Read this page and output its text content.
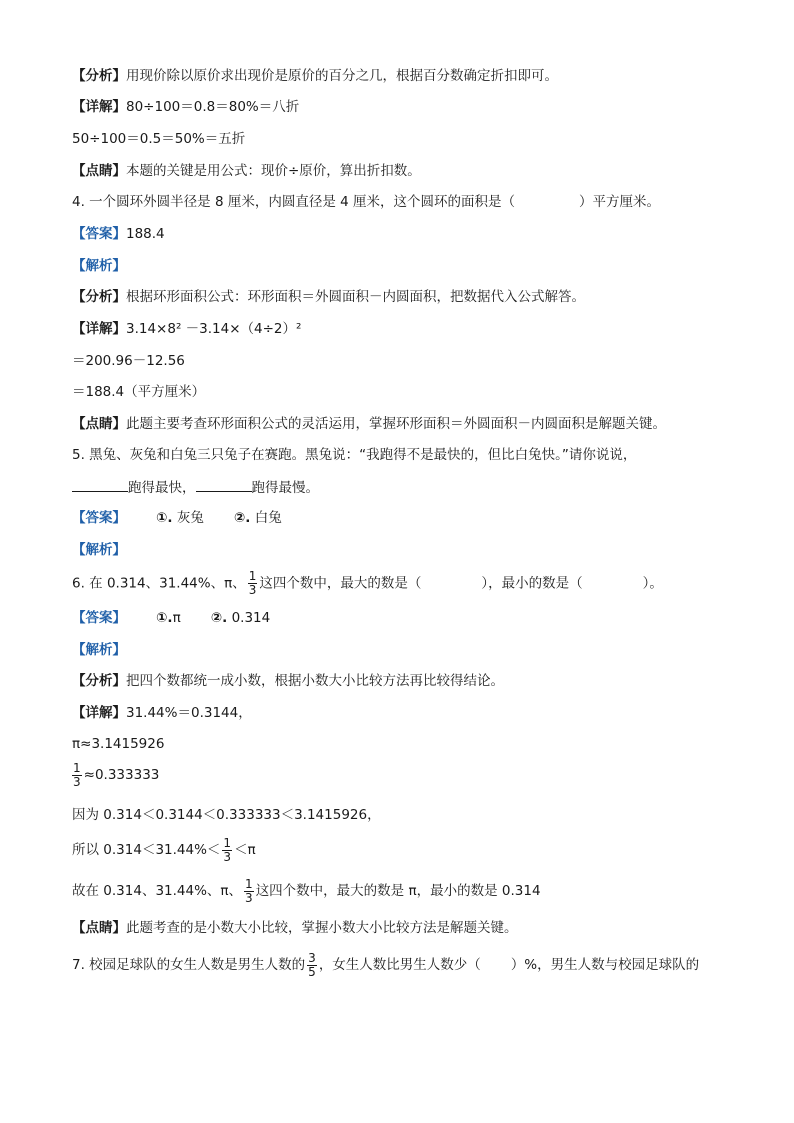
【分析】用现价除以原价求出现价是原价的百分之几，根据百分数确定折扣即可。
【详解】80÷100＝0.8＝80%＝八折
50÷100＝0.5＝50%＝五折
【点睛】本题的关键是用公式：现价÷原价，算出折扣数。
4. 一个圆环外圆半径是 8 厘米，内圆直径是 4 厘米，这个圆环的面积是（	）平方厘米。
【答案】188.4
【解析】
【分析】根据环形面积公式：环形面积＝外圆面积－内圆面积，把数据代入公式解答。
【详解】3.14×8² －3.14×（4÷2）²
＝200.96－12.56
＝188.4（平方厘米）
【点睛】此题主要考查环形面积公式的灵活运用，掌握环形面积＝外圆面积－内圆面积是解题关键。
5. 黑兔、灰兔和白兔三只兔子在赛跑。黑兔说：“我跑得不是最快的，但比白兔快。”请你说说，
跑得最快，	跑得最慢。
【答案】 ①. 灰兔 ②. 白兔
【解析】
6. 在 0.314、31.44%、π、 $\frac{1}{3}$ 这四个数中，最大的数是（	），最小的数是（	）。
【答案】 ①.π ②. 0.314
【解析】
【分析】把四个数都统一成小数，根据小数大小比较方法再比较得结论。
【详解】31.44%＝0.3144，
π≈3.1415926
$\frac{1}{3} \approx 0.333333$
因为 0.314＜0.3144＜0.333333＜3.1415926，
所以 $0.314<31.44\%< \frac{1}{3} <\pi$
故在 0.314、31.44%、π、 $\frac{1}{3}$ 这四个数中，最大的数是 π，最小的数是 0.314
【点睛】此题考查的是小数大小比较，掌握小数大小比较方法是解题关键。
7. 校园足球队的女生人数是男生人数的 $\frac{3}{5}$ ，女生人数比男生人数少（ ）%，男生人数与校园足球队的
